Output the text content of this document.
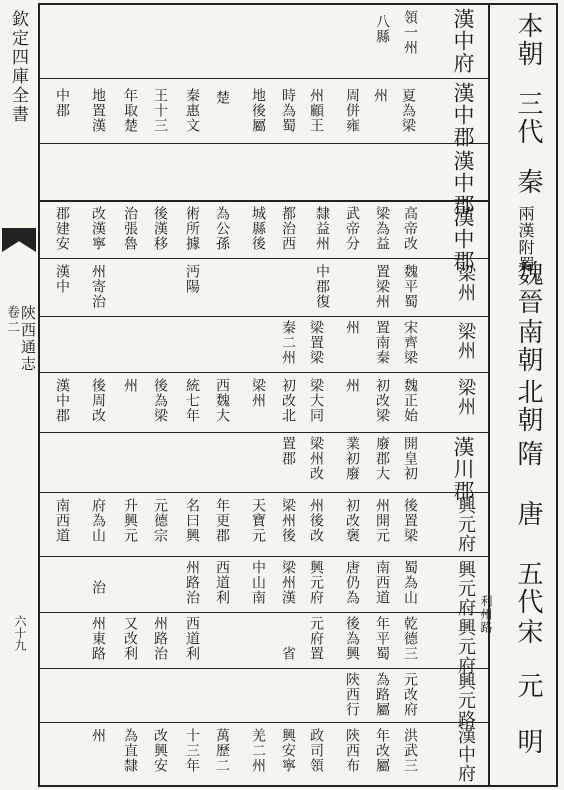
欽定四庫全書
陝西通志
卷二
六十九
本朝
三代
秦
兩漢附蜀
魏晉
南朝
北朝
隋
唐
五代
宋
元
明
漢中府
領一州
八縣
夏為梁
州
周併雍
州顧王
時為蜀
地後屬
楚
秦惠文
王十三
年取楚
地置漢
中郡	漢中郡
漢中郡
漢中郡
高帝改
梁為益
武帝分
隸益州
都治西
城縣後
為公孫
術所據
後漢移
治張魯
改漢寧
郡建安
梁州
魏平蜀
置梁州
中郡復
沔陽
州寄治
漢中
梁州
宋齊梁
置南秦
州
梁置梁
秦二州
梁州
魏正始
初改梁
州
梁大同
初改北
梁州
西魏大
統七年
後為梁
州
後周改
漢中郡
漢川郡
開皇初
廢郡大
業初廢
梁州改
置郡
興元府
後置梁
州開元
初改褒
州後改
梁州後
天寶元
年更郡
名曰興
元德宗
升興元
府為山
南西道
興元府
蜀為山
南西道
唐仍為
興元府
梁州漢
中山南
西道利
州路治
治
興元府
利州路
乾德三
年平蜀
後為興
元府置
省
西道利
州路治
又改利
州東路
興元路
元改府
為路屬
陝西行
漢中府
洪武三
年改屬
陝西布
政司領
興安寧
羌二州
萬歷二
十三年
改興安
為直隸
州
